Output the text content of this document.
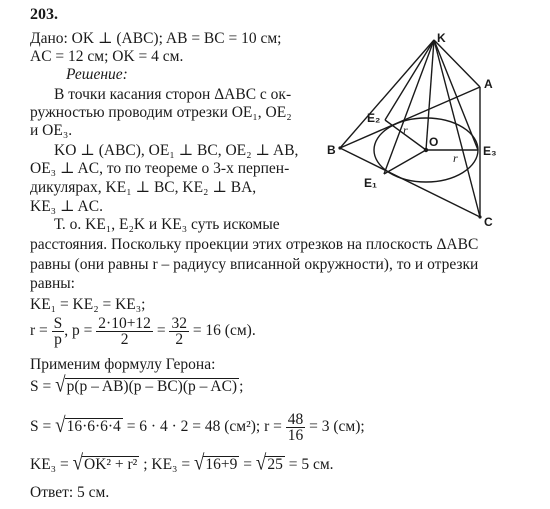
203.
Дано: OK ⊥ (ABC); AB = BC = 10 см;
AC = 12 см; OK = 4 см.
Решение:
В точки касания сторон ΔABC с ок-
ружностью проводим отрезки OE₁, OE₂
и OE₃.
KO ⊥ (ABC), OE₁ ⊥ BC, OE₂ ⊥ AB,
OE₃ ⊥ AC, то по теореме о 3-х перпен-
дикулярах, KE₁ ⊥ BC, KE₂ ⊥ BA,
KE₃ ⊥ AC.
Т. о. KE₁, E₂K и KE₃ суть искомые
расстояния. Поскольку проекции этих отрезков на плоскость ΔABC
равны (они равны r – радиусу вписанной окружности), то и отрезки
равны:
KE₁ = KE₂ = KE₃;
$r = \frac{S}{p}$ , $p = \frac{2\cdot 10+12}{2} = \frac{32}{2} = 16$ (см).
Применим формулу Герона:
S = √p(p – AB)(p – BC)(p – AC) ;
S = √16·6·6·4 = 6 · 4 · 2 = 48 (см²); $r = \frac{48}{16} = 3$ (см);
KE₃ = √OK² + r² ; KE₃ = √16+9 = √25 = 5 см.
Ответ: 5 см.
K
A
B
C
O
E₁
E₂
E₃
r
r
